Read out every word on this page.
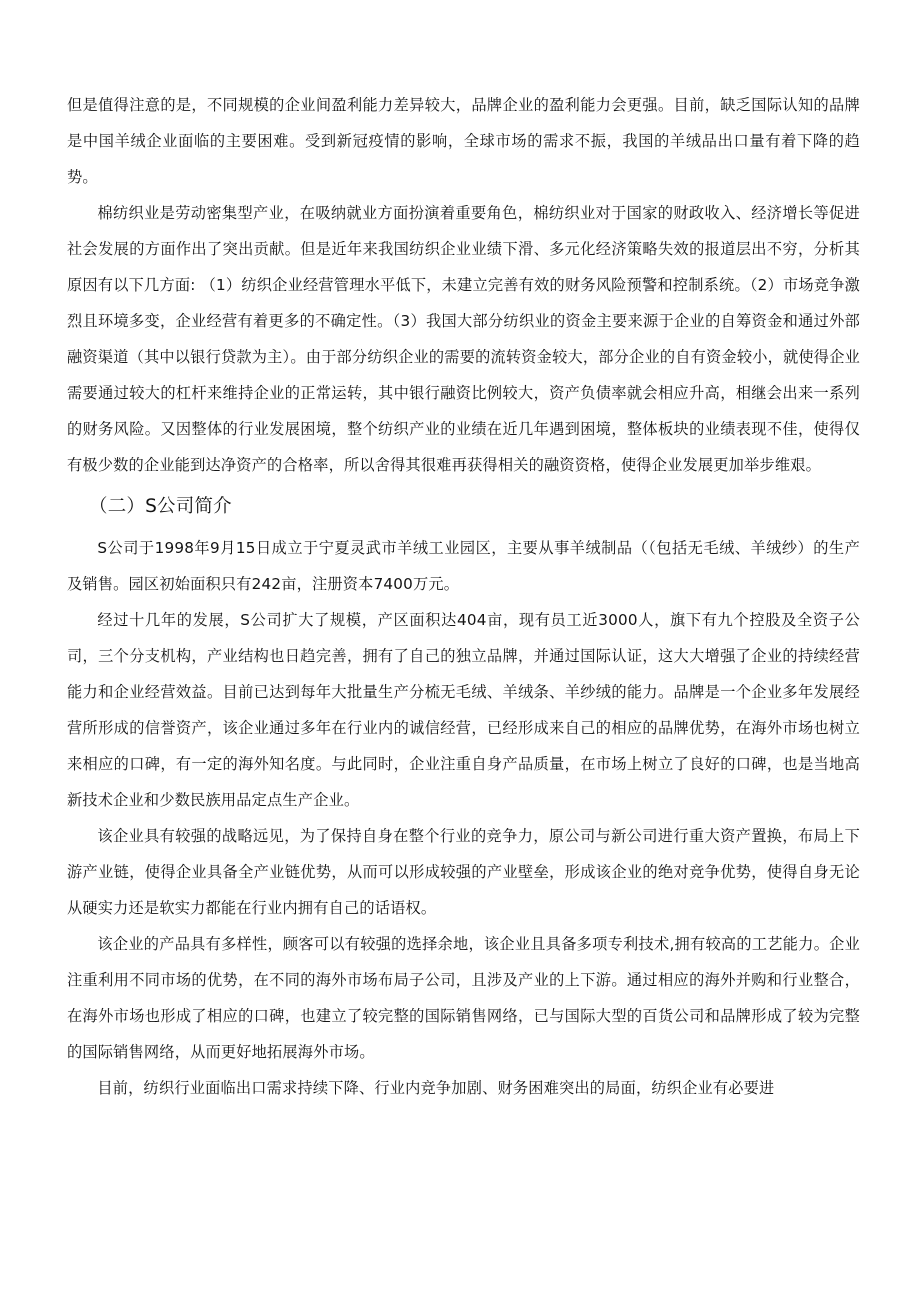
但是值得注意的是，不同规模的企业间盈利能力差异较大，品牌企业的盈利能力会更强。目前，缺乏国际认知的品牌是中国羊绒企业面临的主要困难。受到新冠疫情的影响，全球市场的需求不振，我国的羊绒品出口量有着下降的趋势。

棉纺织业是劳动密集型产业，在吸纳就业方面扮演着重要角色，棉纺织业对于国家的财政收入、经济增长等促进社会发展的方面作出了突出贡献。但是近年来我国纺织企业业绩下滑、多元化经济策略失效的报道层出不穷，分析其原因有以下几方面: （1）纺织企业经营管理水平低下，未建立完善有效的财务风险预警和控制系统。（2）市场竞争激烈且环境多变，企业经营有着更多的不确定性。（3）我国大部分纺织业的资金主要来源于企业的自筹资金和通过外部融资渠道（其中以银行贷款为主）。由于部分纺织企业的需要的流转资金较大，部分企业的自有资金较小，就使得企业需要通过较大的杠杆来维持企业的正常运转，其中银行融资比例较大，资产负债率就会相应升高，相继会出来一系列的财务风险。又因整体的行业发展困境，整个纺织产业的业绩在近几年遇到困境，整体板块的业绩表现不佳，使得仅有极少数的企业能到达净资产的合格率，所以舍得其很难再获得相关的融资资格，使得企业发展更加举步维艰。

（二）S公司简介

S公司于1998年9月15日成立于宁夏灵武市羊绒工业园区，主要从事羊绒制品（（包括无毛绒、羊绒纱）的生产及销售。园区初始面积只有242亩，注册资本7400万元。

经过十几年的发展，S公司扩大了规模，产区面积达404亩，现有员工近3000人，旗下有九个控股及全资子公司，三个分支机构，产业结构也日趋完善，拥有了自己的独立品牌，并通过国际认证，这大大增强了企业的持续经营能力和企业经营效益。目前已达到每年大批量生产分梳无毛绒、羊绒条、羊纱绒的能力。品牌是一个企业多年发展经营所形成的信誉资产，该企业通过多年在行业内的诚信经营，已经形成来自己的相应的品牌优势，在海外市场也树立来相应的口碑，有一定的海外知名度。与此同时，企业注重自身产品质量，在市场上树立了良好的口碑，也是当地高新技术企业和少数民族用品定点生产企业。

该企业具有较强的战略远见，为了保持自身在整个行业的竞争力，原公司与新公司进行重大资产置换，布局上下游产业链，使得企业具备全产业链优势，从而可以形成较强的产业壁垒，形成该企业的绝对竞争优势，使得自身无论从硬实力还是软实力都能在行业内拥有自己的话语权。

该企业的产品具有多样性，顾客可以有较强的选择余地，该企业且具备多项专利技术,拥有较高的工艺能力。企业注重利用不同市场的优势，在不同的海外市场布局子公司，且涉及产业的上下游。通过相应的海外并购和行业整合，在海外市场也形成了相应的口碑，也建立了较完整的国际销售网络，已与国际大型的百货公司和品牌形成了较为完整的国际销售网络，从而更好地拓展海外市场。

目前，纺织行业面临出口需求持续下降、行业内竞争加剧、财务困难突出的局面，纺织企业有必要进
